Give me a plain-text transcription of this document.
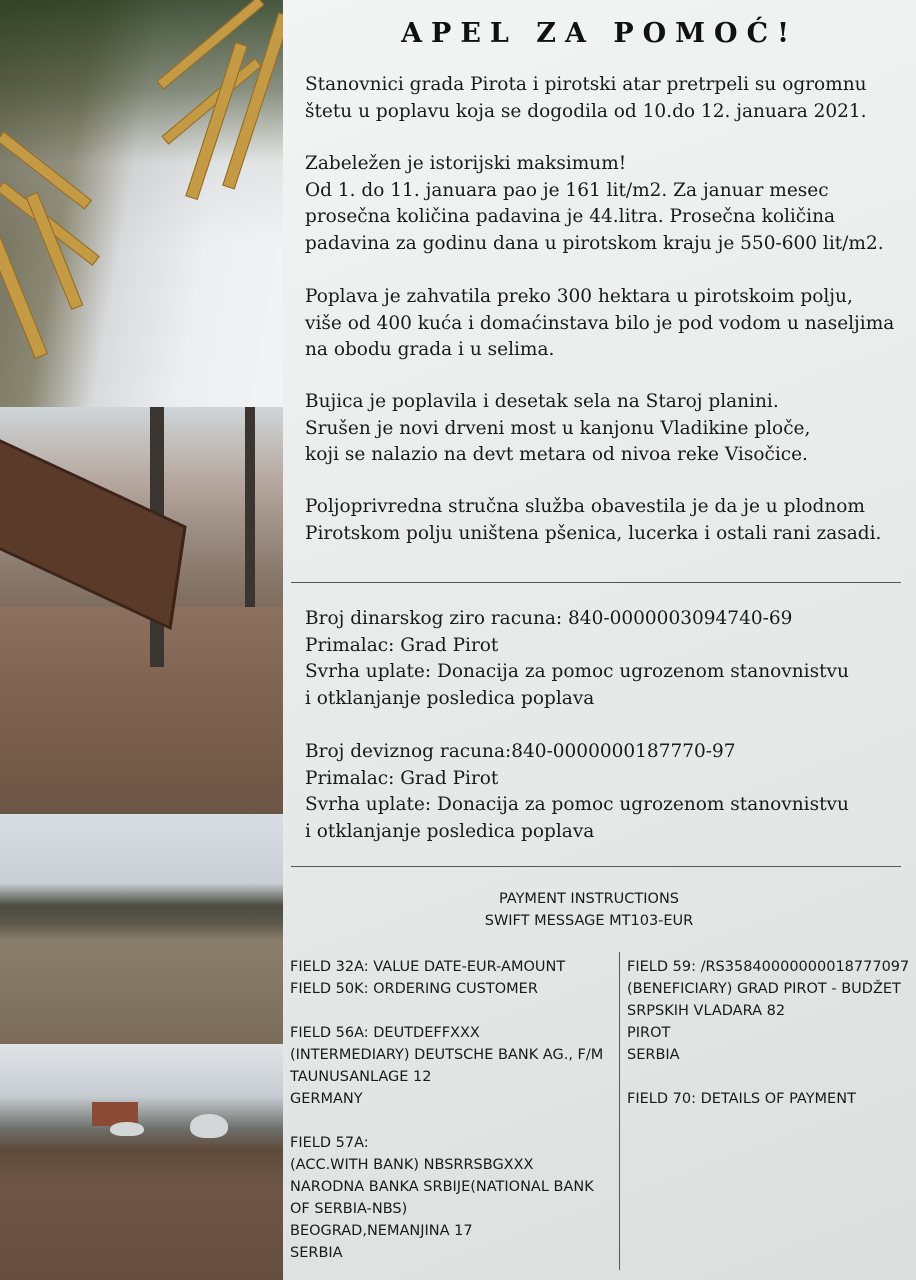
APEL ZA POMOĆ!
Stanovnici grada Pirota i pirotski atar pretrpeli su ogromnu
štetu u poplavu koja se dogodila od 10.do 12. januara 2021.
Zabeležen je istorijski maksimum!
Od 1. do 11. januara pao je 161 lit/m2. Za januar mesec
prosečna količina padavina je 44.litra. Prosečna količina
padavina za godinu dana u pirotskom kraju je 550-600 lit/m2.
Poplava je zahvatila preko 300 hektara u pirotskoim polju,
više od 400 kuća i domaćinstava bilo je pod vodom u naseljima
na obodu grada i u selima.
Bujica je poplavila i desetak sela na Staroj planini.
Srušen je novi drveni most u kanjonu Vladikine ploče,
koji se nalazio na devt metara od nivoa reke Visočice.
Poljoprivredna stručna služba obavestila je da je u plodnom
Pirotskom polju uništena pšenica, lucerka i ostali rani zasadi.
Broj dinarskog ziro racuna: 840-0000003094740-69
Primalac: Grad Pirot
Svrha uplate: Donacija za pomoc ugrozenom stanovnistvu
i otklanjanje posledica poplava
Broj deviznog racuna:840-0000000187770-97
Primalac: Grad Pirot
Svrha uplate: Donacija za pomoc ugrozenom stanovnistvu
i otklanjanje posledica poplava
PAYMENT INSTRUCTIONS
SWIFT MESSAGE MT103-EUR
FIELD 32A: VALUE DATE-EUR-AMOUNT
FIELD 50K: ORDERING CUSTOMER
FIELD 56A: DEUTDEFFXXX
(INTERMEDIARY) DEUTSCHE BANK AG., F/M
TAUNUSANLAGE 12
GERMANY
FIELD 57A:
(ACC.WITH BANK) NBSRRSBGXXX
NARODNA BANKA SRBIJE(NATIONAL BANK
OF SERBIA-NBS)
BEOGRAD,NEMANJINA 17
SERBIA
FIELD 59: /RS35840000000018777097
(BENEFICIARY) GRAD PIROT - BUDŽET
SRPSKIH VLADARA 82
PIROT
SERBIA
FIELD 70: DETAILS OF PAYMENT
